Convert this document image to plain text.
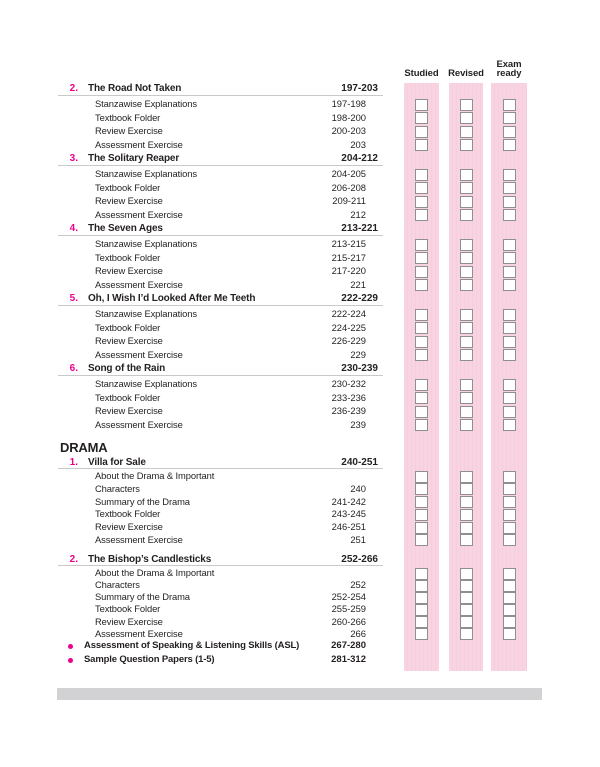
Studied	Revised
Exam ready
2. The Road Not Taken	197-203
Stanzawise Explanations	197-198
Textbook Folder	198-200
Review Exercise	200-203
Assessment Exercise	203
3. The Solitary Reaper	204-212
Stanzawise Explanations	204-205
Textbook Folder	206-208
Review Exercise	209-211
Assessment Exercise	212
4. The Seven Ages	213-221
Stanzawise Explanations	213-215
Textbook Folder	215-217
Review Exercise	217-220
Assessment Exercise	221
5. Oh, I Wish I’d Looked After Me Teeth	222-229
Stanzawise Explanations	222-224
Textbook Folder	224-225
Review Exercise	226-229
Assessment Exercise	229
6. Song of the Rain	230-239
Stanzawise Explanations	230-232
Textbook Folder	233-236
Review Exercise	236-239
Assessment Exercise	239
DRAMA
1. Villa for Sale	240-251
About the Drama & Important
Characters	240
Summary of the Drama	241-242
Textbook Folder	243-245
Review Exercise	246-251
Assessment Exercise	251
2. The Bishop’s Candlesticks	252-266
About the Drama & Important
Characters	252
Summary of the Drama	252-254
Textbook Folder	255-259
Review Exercise	260-266
Assessment Exercise	266
Assessment of Speaking & Listening Skills (ASL)	267-280
Sample Question Papers (1-5)	281-312
